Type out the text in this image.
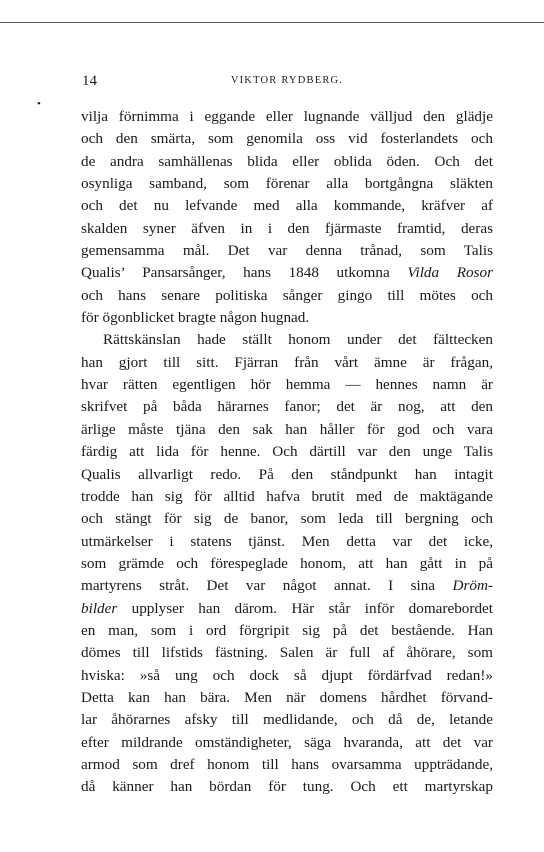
14	VIKTOR RYDBERG.
•
vilja förnimma i eggande eller lugnande välljud den glädje
och den smärta, som genomila oss vid fosterlandets och
de andra samhällenas blida eller oblida öden. Och det
osynliga samband, som förenar alla bortgångna släkten
och det nu lefvande med alla kommande, kräfver af
skalden syner äfven in i den fjärmaste framtid, deras
gemensamma mål. Det var denna trånad, som Talis
Qualis’ Pansarsånger, hans 1848 utkomna Vilda Rosor
och hans senare politiska sånger gingo till mötes och
för ögonblicket bragte någon hugnad.
Rättskänslan hade ställt honom under det fälttecken
han gjort till sitt. Fjärran från vårt ämne är frågan,
hvar rätten egentligen hör hemma — hennes namn är
skrifvet på båda härarnes fanor; det är nog, att den
ärlige måste tjäna den sak han håller för god och vara
färdig att lida för henne. Och därtill var den unge Talis
Qualis allvarligt redo. På den ståndpunkt han intagit
trodde han sig för alltid hafva brutit med de maktägande
och stängt för sig de banor, som leda till bergning och
utmärkelser i statens tjänst. Men detta var det icke,
som grämde och förespeglade honom, att han gått in på
martyrens stråt. Det var något annat. I sina Dröm-
bilder upplyser han därom. Här står inför domarebordet
en man, som i ord förgripit sig på det bestående. Han
dömes till lifstids fästning. Salen är full af åhörare, som
hviska: »så ung och dock så djupt fördärfvad redan!»
Detta kan han bära. Men när domens hårdhet förvand-
lar åhörarnes afsky till medlidande, och då de, letande
efter mildrande omständigheter, säga hvaranda, att det var
armod som dref honom till hans ovarsamma uppträdande,
då känner han bördan för tung. Och ett martyrskap
